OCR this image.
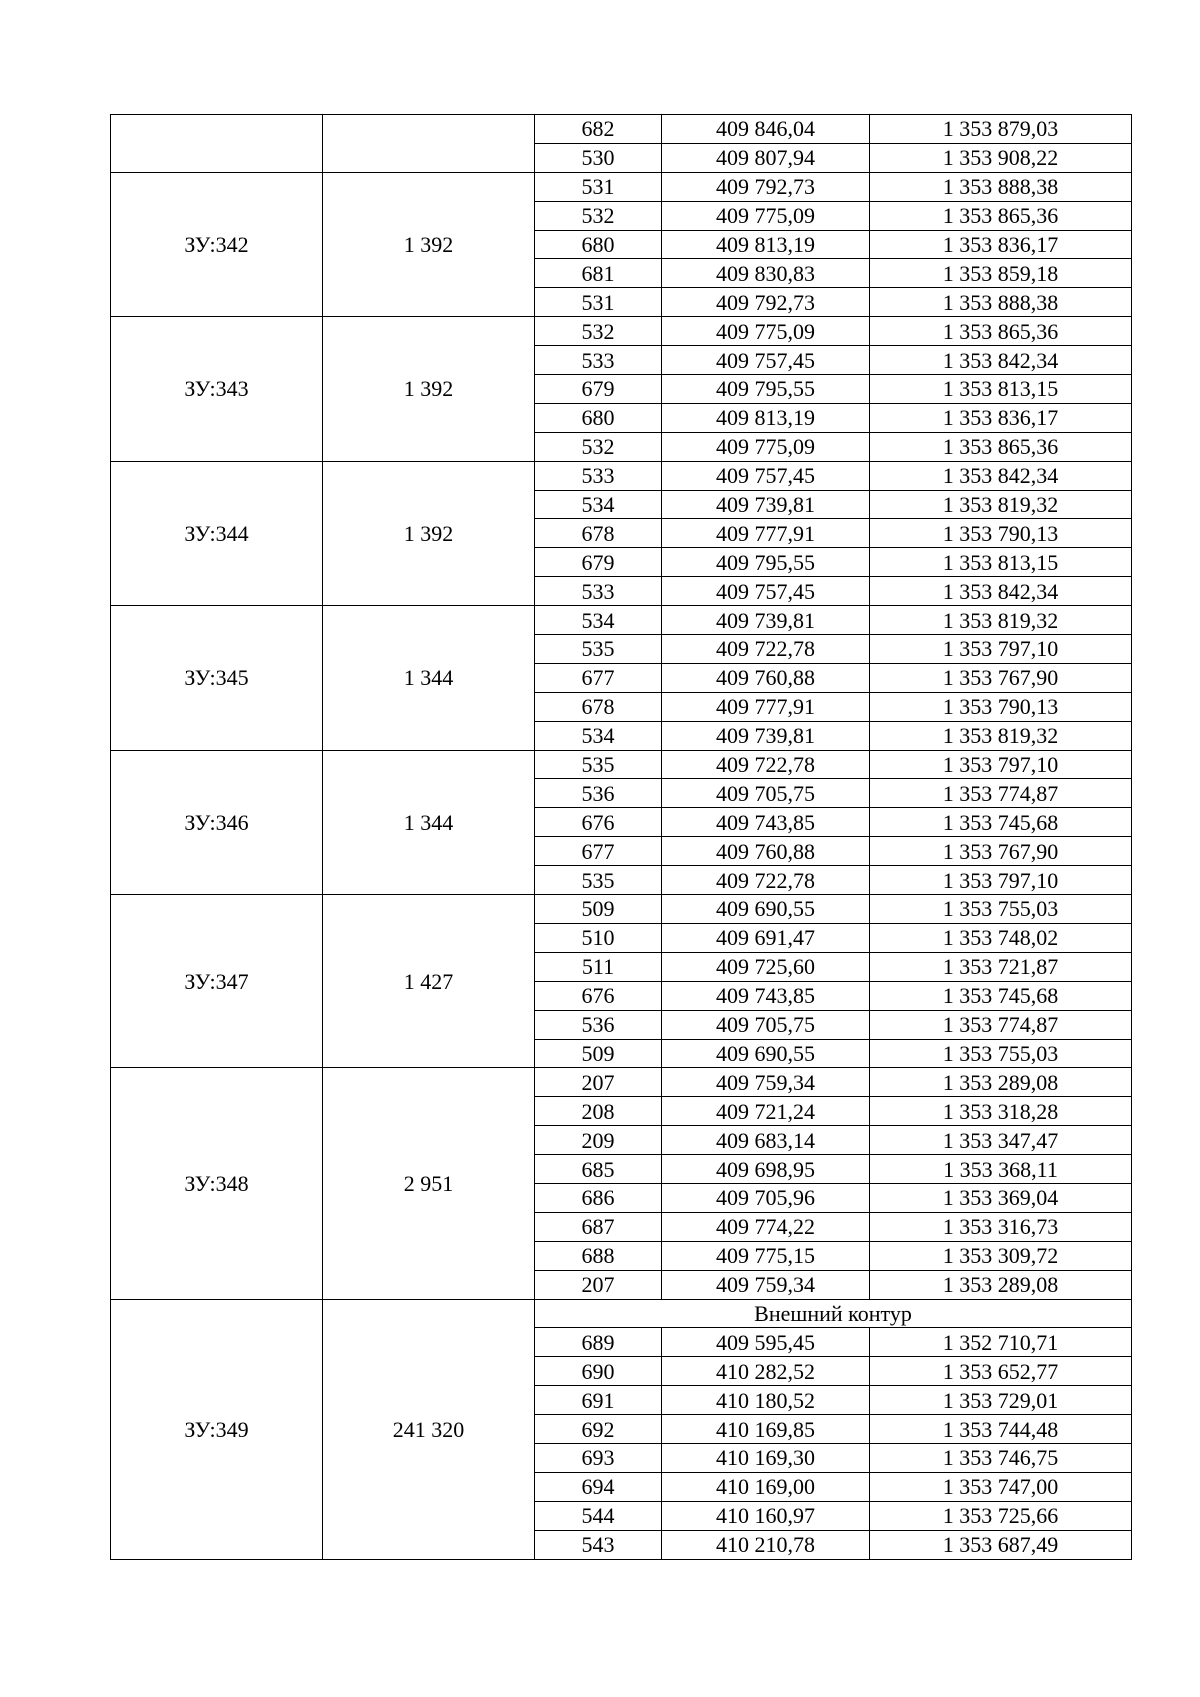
		682	409 846,04	1 353 879,03
		530	409 807,94	1 353 908,22
ЗУ:342	1 392	531	409 792,73	1 353 888,38
		532	409 775,09	1 353 865,36
		680	409 813,19	1 353 836,17
		681	409 830,83	1 353 859,18
		531	409 792,73	1 353 888,38
ЗУ:343	1 392	532	409 775,09	1 353 865,36
		533	409 757,45	1 353 842,34
		679	409 795,55	1 353 813,15
		680	409 813,19	1 353 836,17
		532	409 775,09	1 353 865,36
ЗУ:344	1 392	533	409 757,45	1 353 842,34
		534	409 739,81	1 353 819,32
		678	409 777,91	1 353 790,13
		679	409 795,55	1 353 813,15
		533	409 757,45	1 353 842,34
ЗУ:345	1 344	534	409 739,81	1 353 819,32
		535	409 722,78	1 353 797,10
		677	409 760,88	1 353 767,90
		678	409 777,91	1 353 790,13
		534	409 739,81	1 353 819,32
ЗУ:346	1 344	535	409 722,78	1 353 797,10
		536	409 705,75	1 353 774,87
		676	409 743,85	1 353 745,68
		677	409 760,88	1 353 767,90
		535	409 722,78	1 353 797,10
ЗУ:347	1 427	509	409 690,55	1 353 755,03
		510	409 691,47	1 353 748,02
		511	409 725,60	1 353 721,87
		676	409 743,85	1 353 745,68
		536	409 705,75	1 353 774,87
		509	409 690,55	1 353 755,03
ЗУ:348	2 951	207	409 759,34	1 353 289,08
		208	409 721,24	1 353 318,28
		209	409 683,14	1 353 347,47
		685	409 698,95	1 353 368,11
		686	409 705,96	1 353 369,04
		687	409 774,22	1 353 316,73
		688	409 775,15	1 353 309,72
		207	409 759,34	1 353 289,08
ЗУ:349	241 320	Внешний контур		
		689	409 595,45	1 352 710,71
		690	410 282,52	1 353 652,77
		691	410 180,52	1 353 729,01
		692	410 169,85	1 353 744,48
		693	410 169,30	1 353 746,75
		694	410 169,00	1 353 747,00
		544	410 160,97	1 353 725,66
		543	410 210,78	1 353 687,49
